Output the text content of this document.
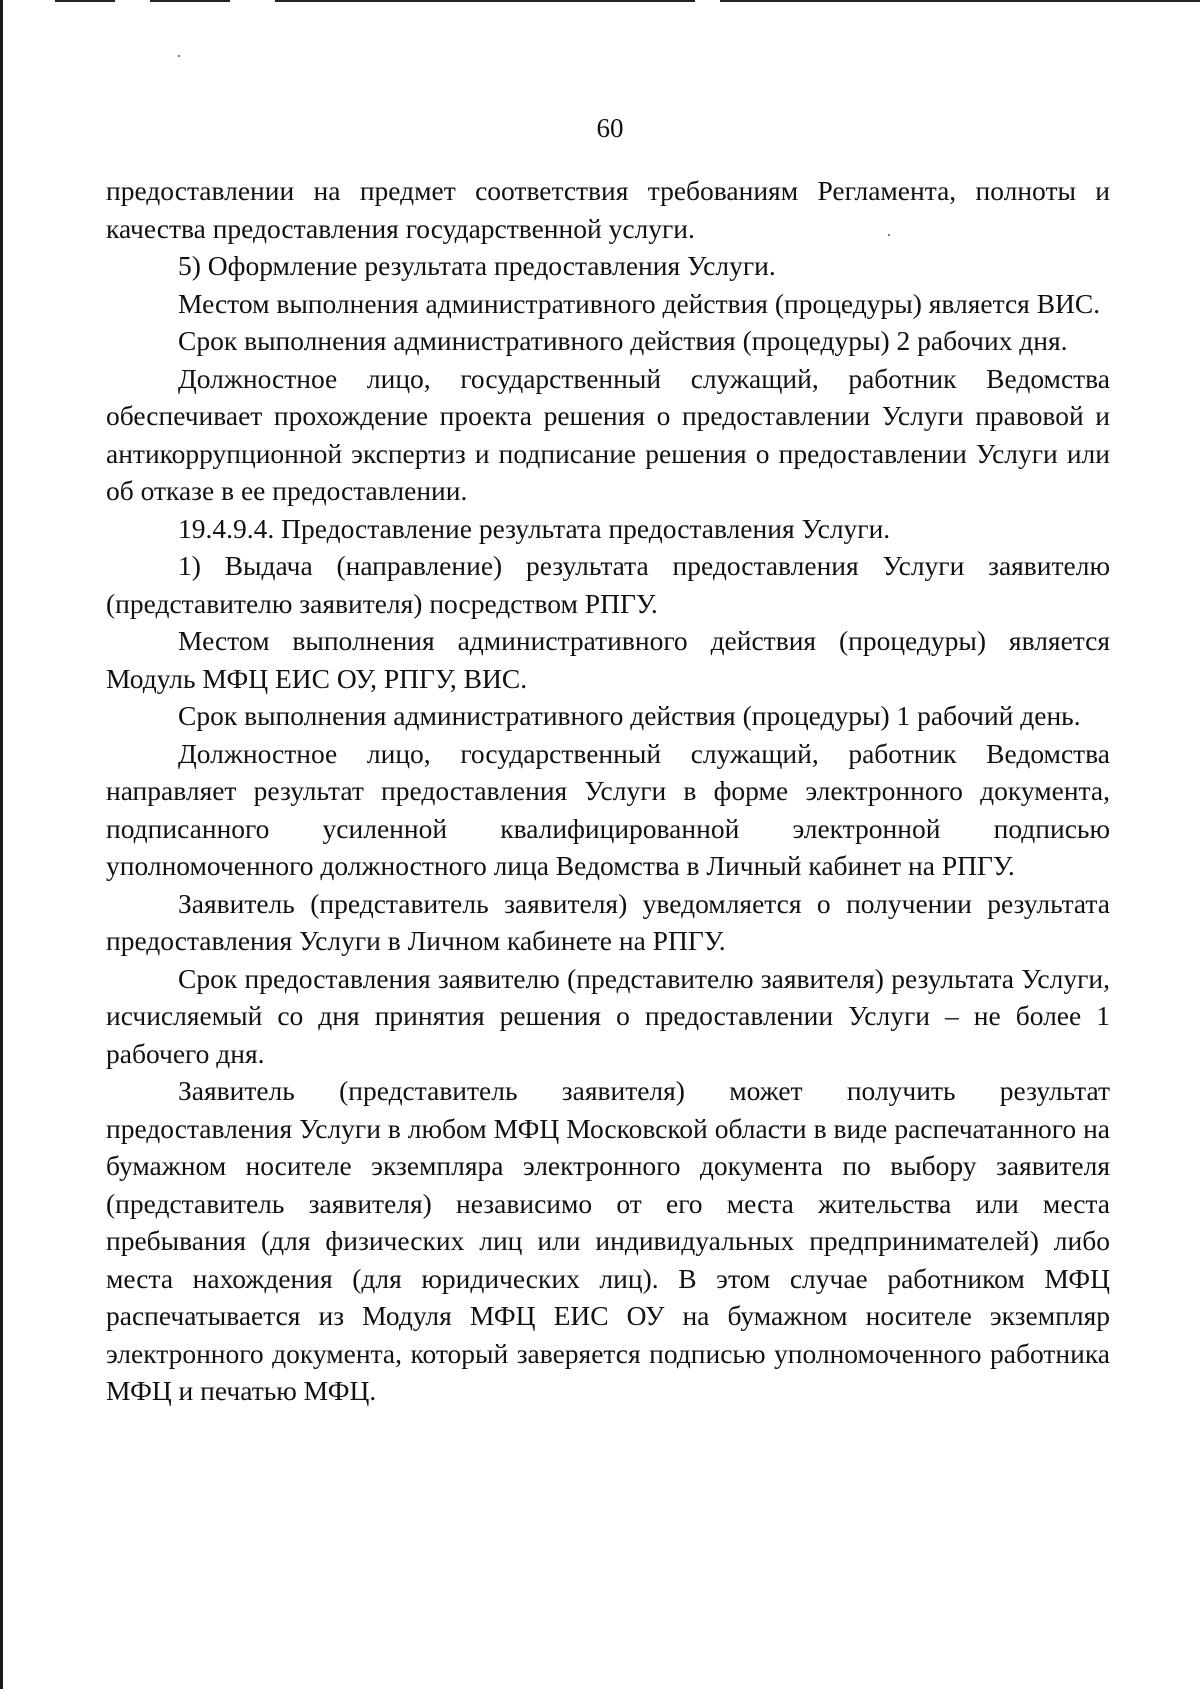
60

предоставлении на предмет соответствия требованиям Регламента, полноты и качества предоставления государственной услуги.

5) Оформление результата предоставления Услуги.

Местом выполнения административного действия (процедуры) является ВИС.

Срок выполнения административного действия (процедуры) 2 рабочих дня.

Должностное лицо, государственный служащий, работник Ведомства обеспечивает прохождение проекта решения о предоставлении Услуги правовой и антикоррупционной экспертиз и подписание решения о предоставлении Услуги или об отказе в ее предоставлении.

19.4.9.4. Предоставление результата предоставления Услуги.

1) Выдача (направление) результата предоставления Услуги заявителю (представителю заявителя) посредством РПГУ.

Местом выполнения административного действия (процедуры) является Модуль МФЦ ЕИС ОУ, РПГУ, ВИС.

Срок выполнения административного действия (процедуры) 1 рабочий день.

Должностное лицо, государственный служащий, работник Ведомства направляет результат предоставления Услуги в форме электронного документа, подписанного усиленной квалифицированной электронной подписью уполномоченного должностного лица Ведомства в Личный кабинет на РПГУ.

Заявитель (представитель заявителя) уведомляется о получении результата предоставления Услуги в Личном кабинете на РПГУ.

Срок предоставления заявителю (представителю заявителя) результата Услуги, исчисляемый со дня принятия решения о предоставлении Услуги – не более 1 рабочего дня.

Заявитель (представитель заявителя) может получить результат предоставления Услуги в любом МФЦ Московской области в виде распечатанного на бумажном носителе экземпляра электронного документа по выбору заявителя (представитель заявителя) независимо от его места жительства или места пребывания (для физических лиц или индивидуальных предпринимателей) либо места нахождения (для юридических лиц). В этом случае работником МФЦ распечатывается из Модуля МФЦ ЕИС ОУ на бумажном носителе экземпляр электронного документа, который заверяется подписью уполномоченного работника МФЦ и печатью МФЦ.
